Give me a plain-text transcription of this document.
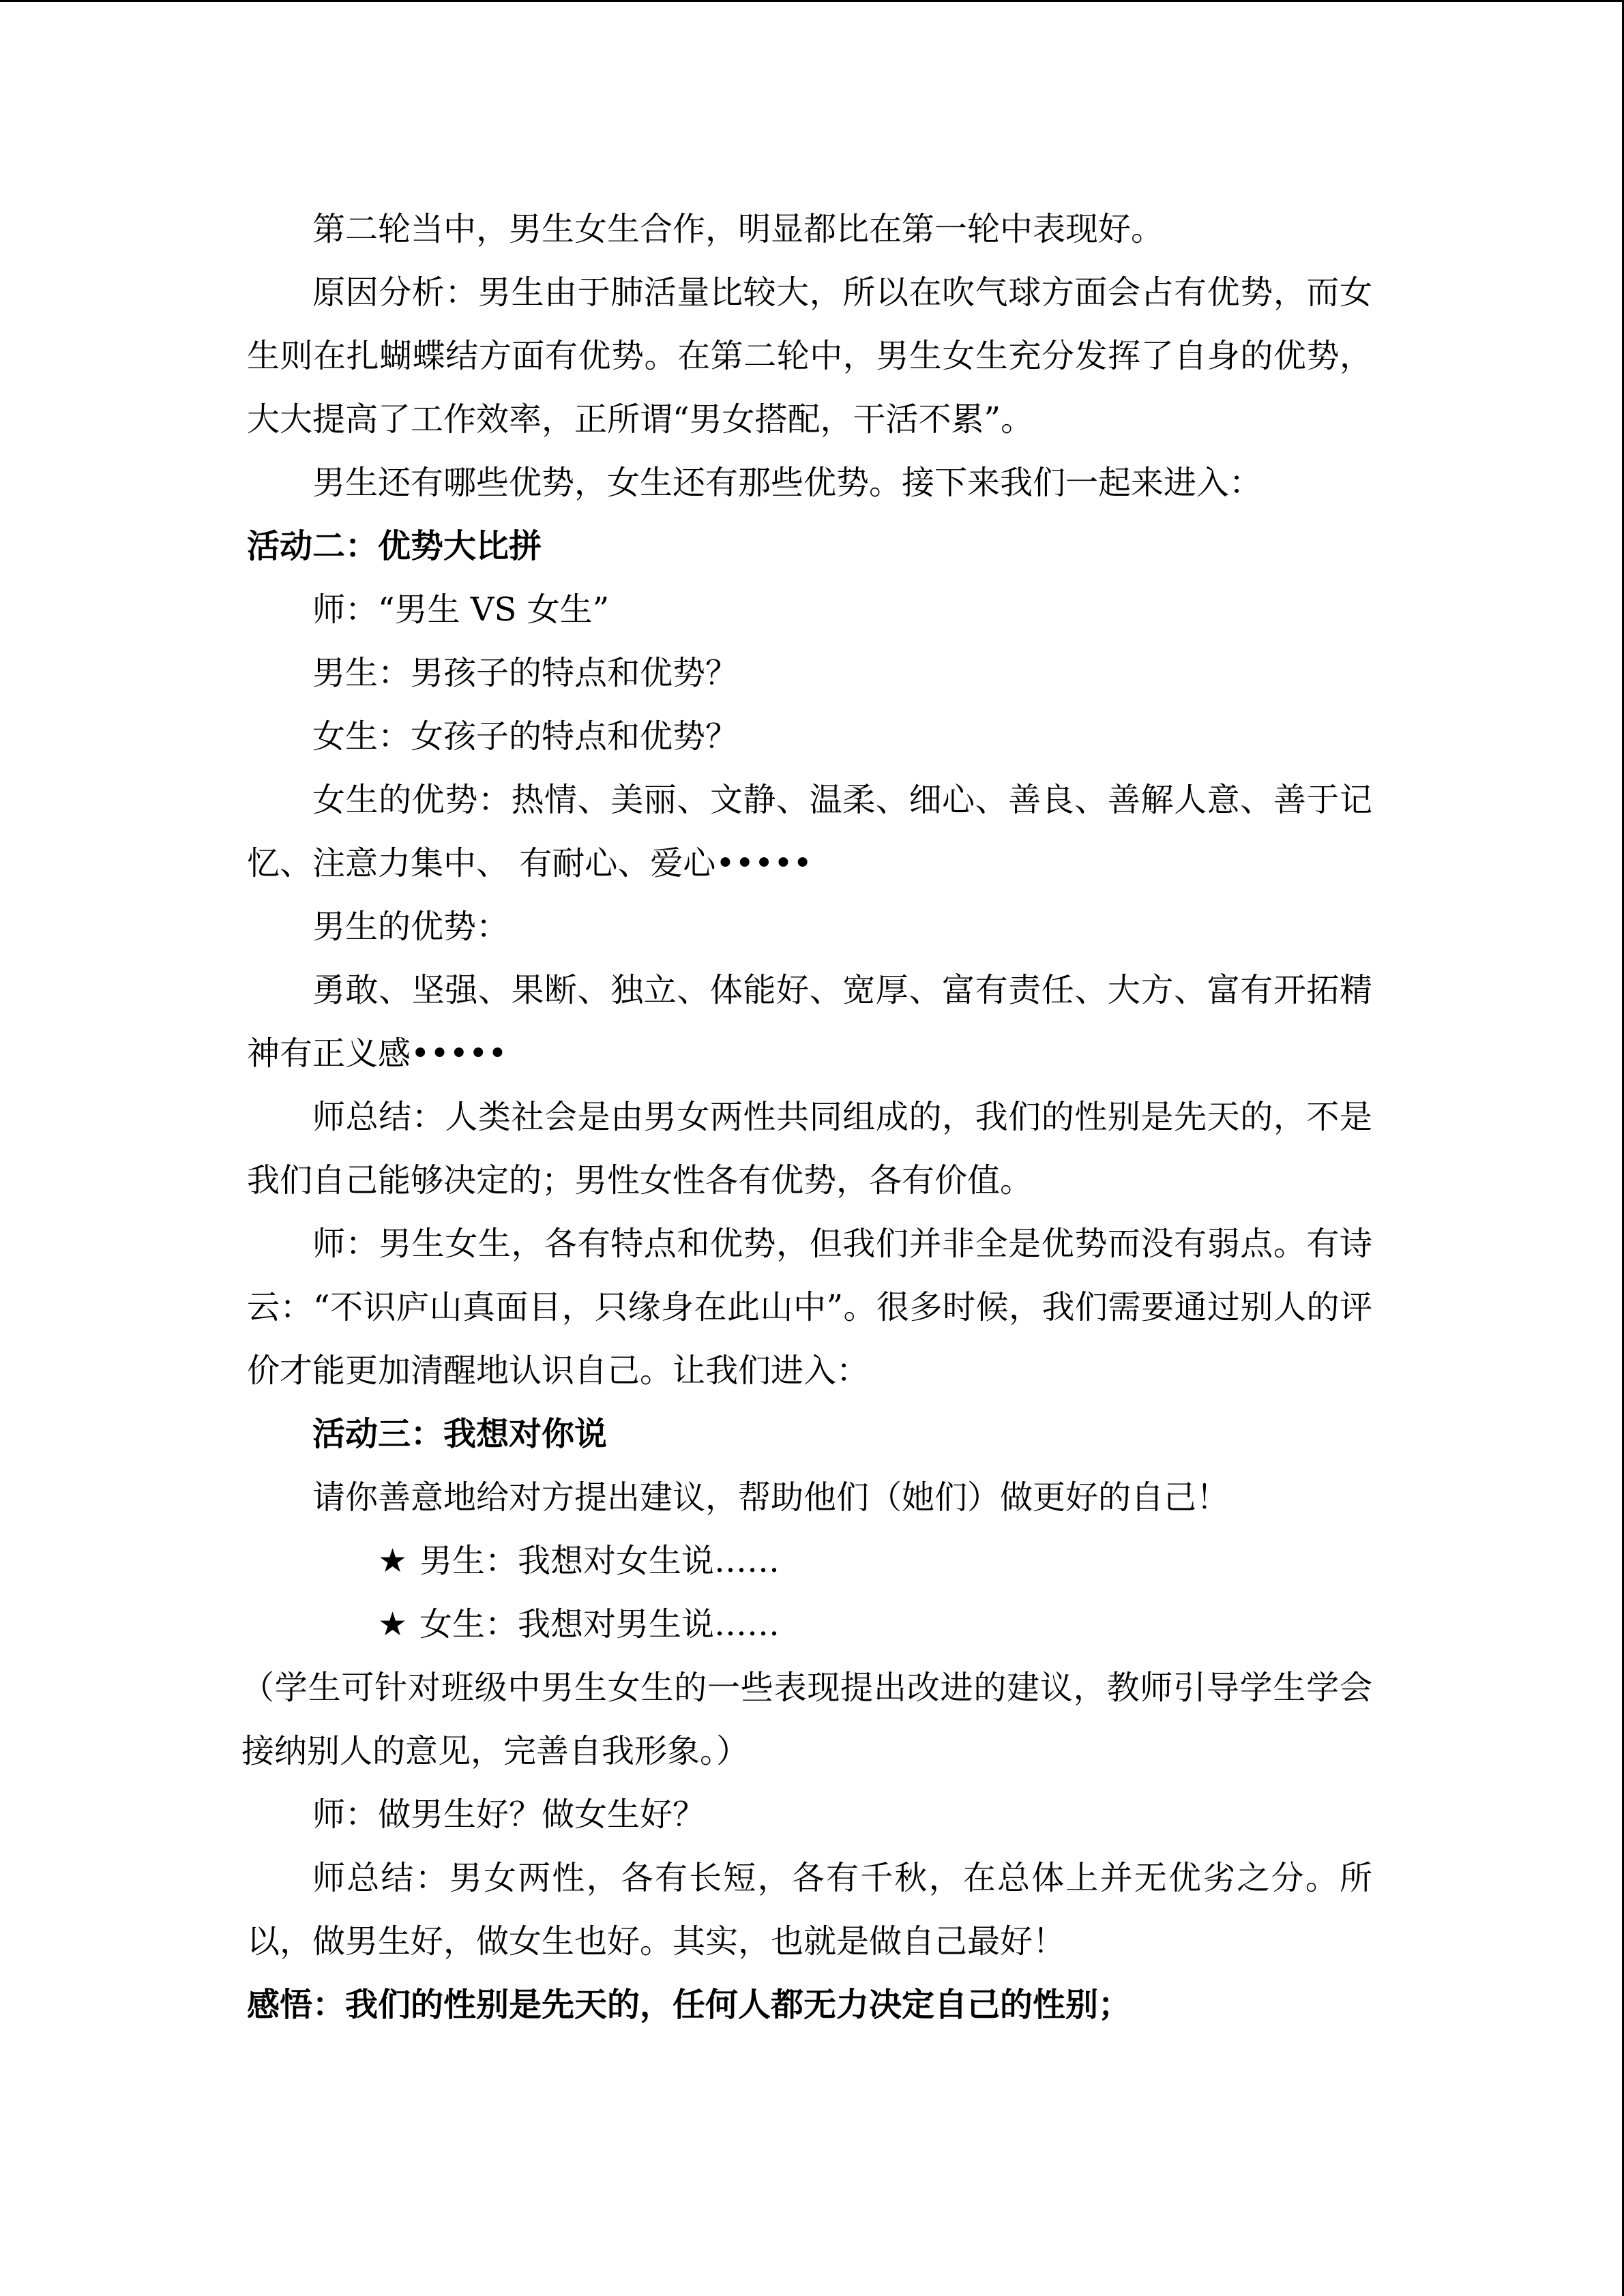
第二轮当中，男生女生合作，明显都比在第一轮中表现好。

原因分析：男生由于肺活量比较大，所以在吹气球方面会占有优势，而女生则在扎蝴蝶结方面有优势。在第二轮中，男生女生充分发挥了自身的优势，大大提高了工作效率，正所谓“男女搭配，干活不累”。

男生还有哪些优势，女生还有那些优势。接下来我们一起来进入：

活动二：优势大比拼

师：“男生 VS 女生”

男生：男孩子的特点和优势？

女生：女孩子的特点和优势？

女生的优势：热情、美丽、文静、温柔、细心、善良、善解人意、善于记忆、注意力集中、 有耐心、爱心•••••

男生的优势：

勇敢、坚强、果断、独立、体能好、宽厚、富有责任、大方、富有开拓精神有正义感•••••

师总结：人类社会是由男女两性共同组成的，我们的性别是先天的，不是我们自己能够决定的；男性女性各有优势，各有价值。

师：男生女生，各有特点和优势，但我们并非全是优势而没有弱点。有诗云：“不识庐山真面目，只缘身在此山中”。很多时候，我们需要通过别人的评价才能更加清醒地认识自己。让我们进入：

活动三：我想对你说

请你善意地给对方提出建议，帮助他们（她们）做更好的自己！

★ 男生：我想对女生说……

★ 女生：我想对男生说……

（学生可针对班级中男生女生的一些表现提出改进的建议，教师引导学生学会接纳别人的意见，完善自我形象。）

师：做男生好？做女生好？

师总结：男女两性，各有长短，各有千秋，在总体上并无优劣之分。所以，做男生好，做女生也好。其实，也就是做自己最好！

感悟：我们的性别是先天的，任何人都无力决定自己的性别；
